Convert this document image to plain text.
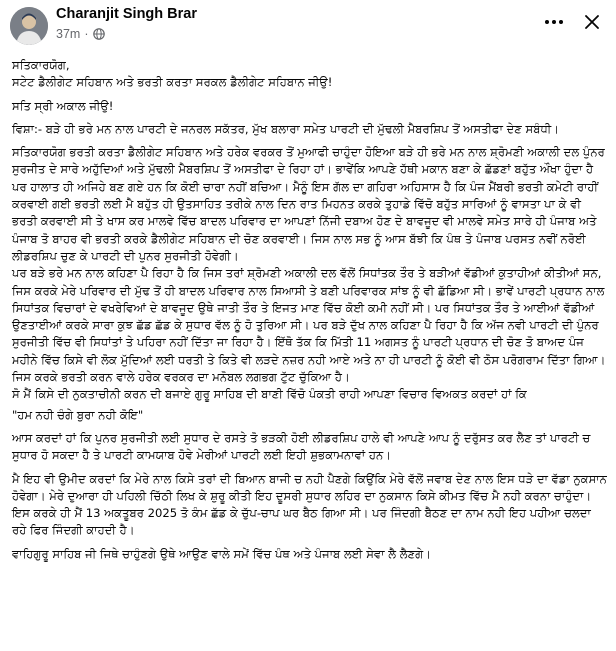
Charanjit Singh Brar
37m ·
ਸਤਿਕਾਰਯੋਗ,
ਸਟੇਟ ਡੈਲੀਗੇਟ ਸਹਿਬਾਨ ਅਤੇ ਭਰਤੀ ਕਰਤਾ ਸਰਕਲ ਡੈਲੀਗੇਟ ਸਹਿਬਾਨ ਜੀਉ!
ਸਤਿ ਸ੍ਰੀ ਅਕਾਲ ਜੀਉ!
ਵਿਸ਼ਾ:- ਬੜੇ ਹੀ ਭਰੇ ਮਨ ਨਾਲ ਪਾਰਟੀ ਦੇ ਜਨਰਲ ਸਕੱਤਰ, ਮੁੱਖ ਬਲਾਰਾ ਸਮੇਤ ਪਾਰਟੀ ਦੀ ਮੁੱਢਲੀ ਮੈਬਰਸ਼ਿਪ ਤੋਂ ਅਸਤੀਫਾ ਦੇਣ ਸਬੰਧੀ।
ਸਤਿਕਾਰਯੋਗ ਭਰਤੀ ਕਰਤਾ ਡੈਲੀਗੇਟ ਸਹਿਬਾਨ ਅਤੇ ਹਰੇਕ ਵਰਕਰ ਤੋਂ ਮੁਆਫੀ ਚਾਹੁੰਦਾ ਹੋਇਆ ਬੜੇ ਹੀ ਭਰੇ ਮਨ ਨਾਲ ਸ਼੍ਰੋਮਣੀ ਅਕਾਲੀ ਦਲ ਪੁੰਨਰ ਸੁਰਜੀਤ ਦੇ ਸਾਰੇ ਅਹੁੱਦਿਆਂ ਅਤੇ ਮੁੱਢਲੀ ਮੈਬਰਸ਼ਿਪ ਤੋਂ ਅਸਤੀਫਾ ਦੇ ਰਿਹਾ ਹਾਂ। ਭਾਵੇਂਕਿ ਆਪਣੇ ਹੱਥੀ ਮਕਾਨ ਬਣਾ ਕੇ ਛੱਡਣਾਂ ਬਹੁੱਤ ਔਖਾ ਹੁੰਦਾ ਹੈ ਪਰ ਹਾਲਾਤ ਹੀ ਅਜਿਹੇ ਬਣ ਗਏ ਹਨ ਕਿ ਕੋਈ ਚਾਰਾ ਨਹੀਂ ਬਚਿਆ। ਮੈਨੂੰ ਇਸ ਗੱਲ ਦਾ ਗਹਿਰਾ ਅਹਿਸਾਸ ਹੈ ਕਿ ਪੰਜ ਮੈਂਬਰੀ ਭਰਤੀ ਕਮੇਟੀ ਰਾਹੀਂ ਕਰਵਾਈ ਗਈ ਭਰਤੀ ਲਈ ਮੈ ਬਹੁੱਤ ਹੀ ਉਤਸਾਹਿਤ ਤਰੀਕੇ ਨਾਲ ਦਿਨ ਰਾਤ ਮਿਹਨਤ ਕਰਕੇ ਤੁਹਾਡੇ ਵਿੱਚੋ ਬਹੁੱਤ ਸਾਰਿਆਂ ਨੂੰ ਵਾਸਤਾ ਪਾ ਕੇ ਵੀ ਭਰਤੀ ਕਰਵਾਈ ਸੀ ਤੇ ਖਾਸ ਕਰ ਮਾਲਵੇ ਵਿੱਚ ਬਾਦਲ ਪਰਿਵਾਰ ਦਾ ਆਪਣਾਂ ਨਿੱਜੀ ਦਬਾਅ ਹੋਣ ਦੇ ਬਾਵਜੂਦ ਵੀ ਮਾਲਵੇ ਸਮੇਤ ਸਾਰੇ ਹੀ ਪੰਜਾਬ ਅਤੇ ਪੰਜਾਬ ਤੋ ਬਾਹਰ ਵੀ ਭਰਤੀ ਕਰਕੇ ਡੈਲੀਗੇਟ ਸਹਿਬਾਨ ਦੀ ਚੋਣ ਕਰਵਾਈ। ਜਿਸ ਨਾਲ ਸਭ ਨੂੰ ਆਸ ਬੱਝੀ ਕਿ ਪੰਥ ਤੇ ਪੰਜਾਬ ਪਰਸਤ ਨਵੀਂ ਨਰੋਈ ਲੀਡਰਸ਼ਿਪ ਚੁਣ ਕੇ ਪਾਰਟੀ ਦੀ ਪੁਨਰ ਸੁਰਜੀਤੀ ਹੋਵੇਗੀ।
ਪਰ ਬੜੇ ਭਰੇ ਮਨ ਨਾਲ ਕਹਿਣਾ ਪੈ ਰਿਹਾ ਹੈ ਕਿ ਜਿਸ ਤਰਾਂ ਸ਼੍ਰੋਮਣੀ ਅਕਾਲੀ ਦਲ ਵੱਲੋਂ ਸਿਧਾਂਤਕ ਤੌਰ ਤੇ ਬੜੀਆਂ ਵੱਡੀਆਂ ਕੁਤਾਹੀਆਂ ਕੀਤੀਆਂ ਸਨ, ਜਿਸ ਕਰਕੇ ਮੇਰੇ ਪਰਿਵਾਰ ਦੀ ਮੁੱਢ ਤੋਂ ਹੀ ਬਾਦਲ ਪਰਿਵਾਰ ਨਾਲ ਸਿਆਸੀ ਤੇ ਬਣੀ ਪਰਿਵਾਰਕ ਸਾਂਝ ਨੂੰ ਵੀ ਛੱਡਿਆ ਸੀ। ਭਾਵੇਂ ਪਾਰਟੀ ਪ੍ਰਧਾਨ ਨਾਲ ਸਿਧਾਂਤਕ ਵਿਚਾਰਾਂ ਦੇ ਵਖਰੇਵਿਆਂ ਦੇ ਬਾਵਜੂਦ ਉਥੇ ਜਾਤੀ ਤੌਰ ਤੇ ਇਜਤ ਮਾਣ ਵਿੱਚ ਕੋਈ ਕਮੀ ਨਹੀਂ ਸੀ। ਪਰ ਸਿਧਾਂਤਕ ਤੌਰ ਤੇ ਆਈਆਂ ਵੱਡੀਆਂ ਉਣਤਾਈਆਂ ਕਰਕੇ ਸਾਰਾ ਕੁਝ ਛੱਡ ਛੱਡ ਕੇ ਸੁਧਾਰ ਵੱਲ ਨੂੰ ਹੋ ਤੁਰਿਆ ਸੀ। ਪਰ ਬੜੇ ਦੁੱਖ ਨਾਲ ਕਹਿਣਾ ਪੈ ਰਿਹਾ ਹੈ ਕਿ ਅੱਜ ਨਵੀ ਪਾਰਟੀ ਦੀ ਪੁੰਨਰ ਸੁਰਜੀਤੀ ਵਿੱਚ ਵੀ ਸਿਧਾਂਤਾਂ ਤੇ ਪਹਿਰਾ ਨਹੀਂ ਦਿੱਤਾ ਜਾ ਰਿਹਾ ਹੈ। ਇੱਥੋ ਤੱਕ ਕਿ ਮਿੱਤੀ 11 ਅਗਸਤ ਨੂੰ ਪਾਰਟੀ ਪ੍ਰਧਾਨ ਦੀ ਚੋਣ ਤੋ ਬਾਅਦ ਪੰਜ ਮਹੀਨੇ ਵਿੱਚ ਕਿਸੇ ਵੀ ਲੋਕ ਮੁੱਦਿਆਂ ਲਈ ਧਰਤੀ ਤੇ ਕਿਤੇ ਵੀ ਲੜਦੇ ਨਜ਼ਰ ਨਹੀ ਆਏ ਅਤੇ ਨਾ ਹੀ ਪਾਰਟੀ ਨੂੰ ਕੋਈ ਵੀ ਠੋਸ ਪਰੋਗਰਾਮ ਦਿੱਤਾ ਗਿਆ। ਜਿਸ ਕਰਕੇ ਭਰਤੀ ਕਰਨ ਵਾਲੇ ਹਰੇਕ ਵਰਕਰ ਦਾ ਮਨੋਬਲ ਲਗਭਗ ਟੁੱਟ ਚੁੱਕਿਆ ਹੈ।
ਸੋ ਮੈਂ ਕਿਸੇ ਦੀ ਨੁਕਤਾਚੀਨੀ ਕਰਨ ਦੀ ਬਜਾਏ ਗੁਰੂ ਸਾਹਿਬ ਦੀ ਬਾਣੀ ਵਿੱਚੋ ਪੰਕਤੀ ਰਾਹੀ ਆਪਣਾ ਵਿਚਾਰ ਵਿਅਕਤ ਕਰਦਾਂ ਹਾਂ ਕਿ
"ਹਮ ਨਹੀ ਚੰਗੇ ਬੁਰਾ ਨਹੀ ਕੋਇ"
ਆਸ ਕਰਦਾਂ ਹਾਂ ਕਿ ਪੁਨਰ ਸੁਰਜੀਤੀ ਲਈ ਸੁਧਾਰ ਦੇ ਰਸਤੇ ਤੋ ਭੜਕੀ ਹੋਈ ਲੀਡਰਸ਼ਿਪ ਹਾਲੇ ਵੀ ਆਪਣੇ ਆਪ ਨੂੰ ਦਰੁੱਸਤ ਕਰ ਲੈਣ ਤਾਂ ਪਾਰਟੀ ਚ ਸੁਧਾਰ ਹੋ ਸਕਦਾ ਹੈ ਤੇ ਪਾਰਟੀ ਕਾਮਯਾਬ ਹੋਵੇ ਮੇਰੀਆਂ ਪਾਰਟੀ ਲਈ ਇਹੀ ਸ਼ੁਭਕਾਮਨਾਵਾਂ ਹਨ।
ਮੈ ਇਹ ਵੀ ਉਮੀਦ ਕਰਦਾਂ ਕਿ ਮੇਰੇ ਨਾਲ ਕਿਸੇ ਤਰਾਂ ਦੀ ਬਿਆਨ ਬਾਜੀ ਚ ਨਹੀ ਪੈਣਗੇ ਕਿਉਂਕਿ ਮੇਰੇ ਵੱਲੋਂ ਜਵਾਬ ਦੇਣ ਨਾਲ ਇਸ ਧੜੇ ਦਾ ਵੱਡਾ ਨੁਕਸਾਨ ਹੋਵੇਗਾ। ਮੇਰੇ ਦੁਆਰਾ ਹੀ ਪਹਿਲੀ ਚਿੱਠੀ ਲਿਖ ਕੇ ਸ਼ੁਰੂ ਕੀਤੀ ਇਹ ਦੂਸਰੀ ਸੁਧਾਰ ਲਹਿਰ ਦਾ ਨੁਕਸਾਨ ਕਿਸੇ ਕੀਮਤ ਵਿੱਚ ਮੈ ਨਹੀ ਕਰਨਾ ਚਾਹੁੰਦਾ। ਇਸ ਕਰਕੇ ਹੀ ਮੈਂ 13 ਅਕਤੂਬਰ 2025 ਤੋ ਕੰਮ ਛੱਡ ਕੇ ਚੁੱਪ-ਚਾਪ ਘਰ ਬੈਠ ਗਿਆ ਸੀ। ਪਰ ਜਿੰਦਗੀ ਬੈਠਣ ਦਾ ਨਾਮ ਨਹੀ ਇਹ ਪਹੀਆ ਚਲਦਾ ਰਹੇ ਫਿਰ ਜਿੰਦਗੀ ਕਾਹਦੀ ਹੈ।
ਵਾਹਿਗੁਰੂ ਸਾਹਿਬ ਜੀ ਜਿਥੇ ਚਾਹੁੰਣਗੇ ਉਥੇ ਆਉਣ ਵਾਲੇ ਸਮੇਂ ਵਿੱਚ ਪੰਥ ਅਤੇ ਪੰਜਾਬ ਲਈ ਸੇਵਾ ਲੈ ਲੈਣਗੇ।
